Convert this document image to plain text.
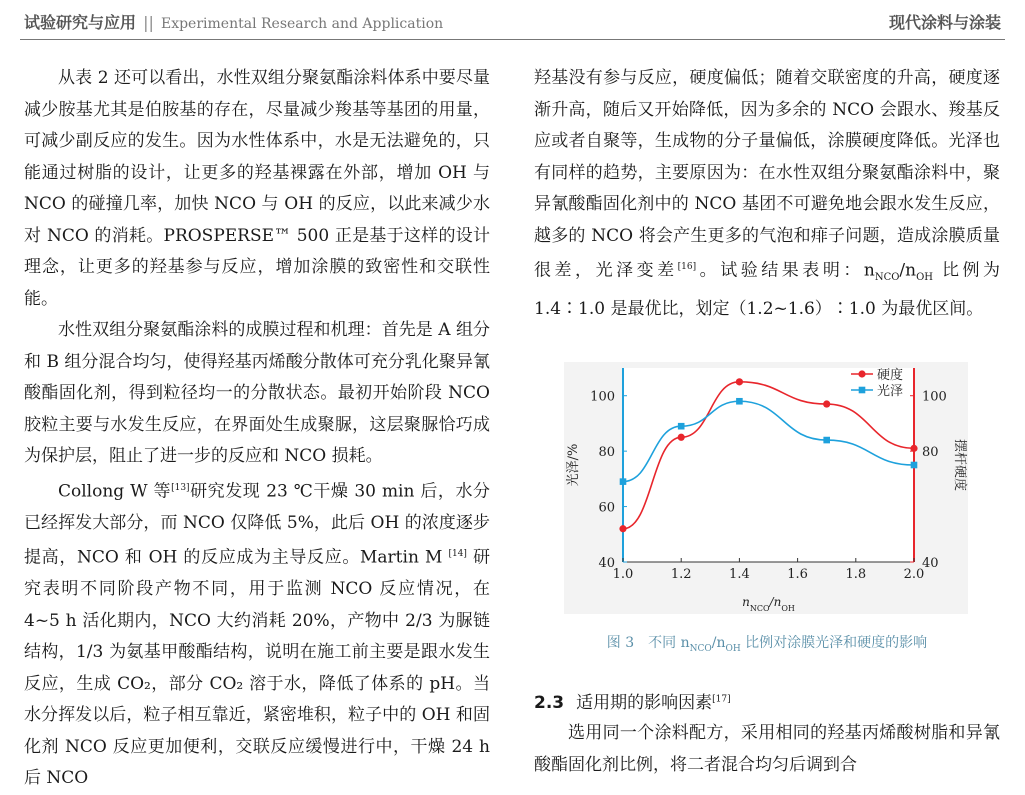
试验研究与应用 || Experimental Research and Application	现代涂料与涂装

从表 2 还可以看出，水性双组分聚氨酯涂料体系中要尽量减少胺基尤其是伯胺基的存在，尽量减少羧基等基团的用量，可减少副反应的发生。因为水性体系中，水是无法避免的，只能通过树脂的设计，让更多的羟基裸露在外部，增加 OH 与 NCO 的碰撞几率，加快 NCO 与 OH 的反应，以此来减少水对 NCO 的消耗。PROSPERSE™ 500 正是基于这样的设计理念，让更多的羟基参与反应，增加涂膜的致密性和交联性能。

水性双组分聚氨酯涂料的成膜过程和机理：首先是 A 组分和 B 组分混合均匀，使得羟基丙烯酸分散体可充分乳化聚异氰酸酯固化剂，得到粒径均一的分散状态。最初开始阶段 NCO 胶粒主要与水发生反应，在界面处生成聚脲，这层聚脲恰巧成为保护层，阻止了进一步的反应和 NCO 损耗。

Collong W 等[13]研究发现 23 ℃干燥 30 min 后，水分已经挥发大部分，而 NCO 仅降低 5%，此后 OH 的浓度逐步提高，NCO 和 OH 的反应成为主导反应。Martin M [14] 研究表明不同阶段产物不同，用于监测 NCO 反应情况，在 4~5 h 活化期内，NCO 大约消耗 20%，产物中 2/3 为脲链结构，1/3 为氨基甲酸酯结构，说明在施工前主要是跟水发生反应，生成 CO₂，部分 CO₂ 溶于水，降低了体系的 pH。当水分挥发以后，粒子相互靠近，紧密堆积，粒子中的 OH 和固化剂 NCO 反应更加便利，交联反应缓慢进行中，干燥 24 h 后 NCO

羟基没有参与反应，硬度偏低；随着交联密度的升高，硬度逐渐升高，随后又开始降低，因为多余的 NCO 会跟水、羧基反应或者自聚等，生成物的分子量偏低，涂膜硬度降低。光泽也有同样的趋势，主要原因为：在水性双组分聚氨酯涂料中，聚异氰酸酯固化剂中的 NCO 基团不可避免地会跟水发生反应，越多的 NCO 将会产生更多的气泡和痱子问题，造成涂膜质量很差，光泽变差[16]。试验结果表明：$n_{NCO}/n_{OH}$ 比例为 1.4∶1.0 是最优比，划定（1.2~1.6）∶1.0 为最优区间。

1.0	1.2	1.4	1.6	1.8	2.0
40
60
80
100
40
80
100
光泽/%	摆杆硬度
$n_{NCO}/n_{OH}$
硬度
光泽
图 3　不同 $n_{NCO}/n_{OH}$ 比例对涂膜光泽和硬度的影响
2.3 适用期的影响因素[17]
选用同一个涂料配方，采用相同的羟基丙烯酸树脂和异氰酸酯固化剂比例，将二者混合均匀后调到合
